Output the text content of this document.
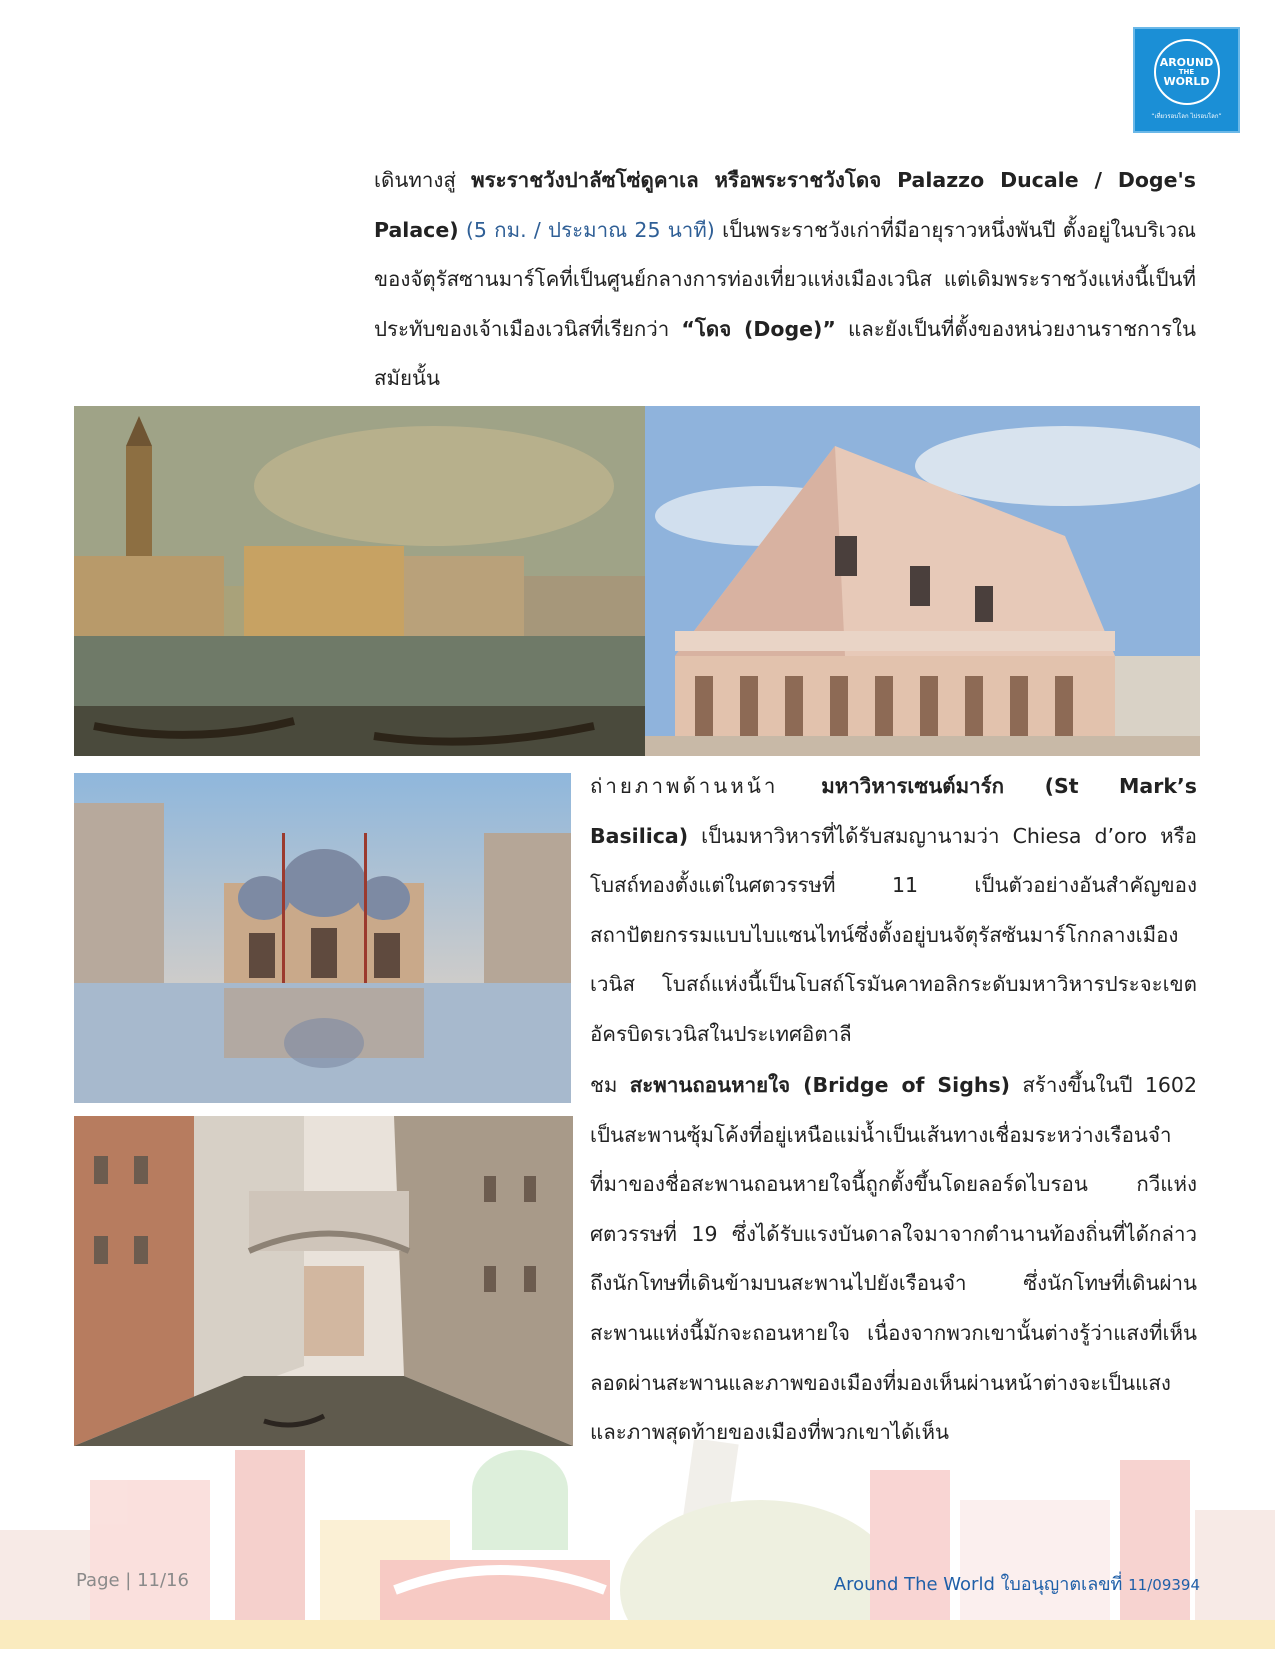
AROUND
THE
WORLD
“เที่ยวรอบโลก ไปรอบโลก”
เดินทางสู่ พระราชวังปาลัซโซ่ดูคาเล หรือพระราชวังโดจ Palazzo Ducale / Doge's Palace) (5 กม. / ประมาณ 25 นาที) เป็นพระราชวังเก่าที่มีอายุราวหนึ่งพันปี ตั้งอยู่ในบริเวณของจัตุรัสซานมาร์โคที่เป็นศูนย์กลางการท่องเที่ยวแห่งเมืองเวนิส แต่เดิมพระราชวังแห่งนี้เป็นที่ประทับของเจ้าเมืองเวนิสที่เรียกว่า “โดจ (Doge)” และยังเป็นที่ตั้งของหน่วยงานราชการในสมัยนั้น
ถ่ายภาพด้านหน้า มหาวิหารเซนต์มาร์ก (St Mark’s Basilica) เป็นมหาวิหารที่ได้รับสมญานามว่า Chiesa d’oro หรือโบสถ์ทองตั้งแต่ในศตวรรษที่ 11 เป็นตัวอย่างอันสำคัญของสถาปัตยกรรมแบบไบแซนไทน์ซึ่งตั้งอยู่บนจัตุรัสซันมาร์โกกลางเมืองเวนิส โบสถ์แห่งนี้เป็นโบสถ์โรมันคาทอลิกระดับมหาวิหารประจะเขตอัครบิดรเวนิสในประเทศอิตาลี
ชม สะพานถอนหายใจ (Bridge of Sighs) สร้างขึ้นในปี 1602 เป็นสะพานซุ้มโค้งที่อยู่เหนือแม่น้ำเป็นเส้นทางเชื่อมระหว่างเรือนจำ ที่มาของชื่อสะพานถอนหายใจนี้ถูกตั้งขึ้นโดยลอร์ดไบรอน กวีแห่งศตวรรษที่ 19 ซึ่งได้รับแรงบันดาลใจมาจากตำนานท้องถิ่นที่ได้กล่าวถึงนักโทษที่เดินข้ามบนสะพานไปยังเรือนจำ ซึ่งนักโทษที่เดินผ่านสะพานแห่งนี้มักจะถอนหายใจ เนื่องจากพวกเขานั้นต่างรู้ว่าแสงที่เห็นลอดผ่านสะพานและภาพของเมืองที่มองเห็นผ่านหน้าต่างจะเป็นแสงและภาพสุดท้ายของเมืองที่พวกเขาได้เห็น
Page | 11/16	Around The World ใบอนุญาตเลขที่ 11/09394
